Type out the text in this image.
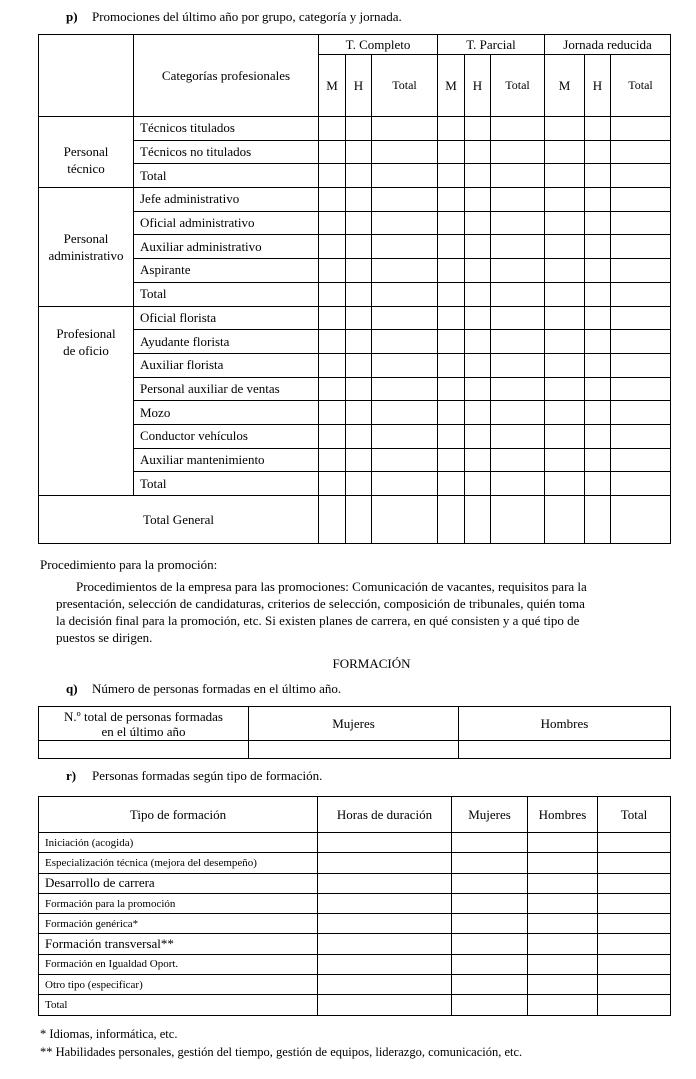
p) Promociones del último año por grupo, categoría y jornada.
	Categorías profesionales	T. Completo			T. Parcial			Jornada reducida		
		M	H	Total	M	H	Total	M	H	Total

Personal
técnico	Técnicos titulados									
	Técnicos no titulados									
	Total									

Personal
administrativo	Jefe administrativo									
	Oficial administrativo									
	Auxiliar administrativo									
	Aspirante									
	Total									

Profesional
de oficio	Oficial florista									
	Ayudante florista									
	Auxiliar florista									
	Personal auxiliar de ventas									
	Mozo									
	Conductor vehículos									
	Auxiliar mantenimiento									
	Total									
Total General										
Procedimiento para la promoción:
Procedimientos de la empresa para las promociones: Comunicación de vacantes, requisitos para la
presentación, selección de candidaturas, criterios de selección, composición de tribunales, quién toma
la decisión final para la promoción, etc. Si existen planes de carrera, en qué consisten y a qué tipo de
puestos se dirigen.
FORMACIÓN
q) Número de personas formadas en el último año.
N.º total de personas formadas
en el último año	Mujeres	Hombres

r) Personas formadas según tipo de formación.
Tipo de formación	Horas de duración	Mujeres	Hombres	Total
Iniciación (acogida)				
Especialización técnica (mejora del desempeño)				
Desarrollo de carrera				
Formación para la promoción				
Formación genérica*				
Formación transversal**				
Formación en Igualdad Oport.				
Otro tipo (especificar)				
Total				
* Idiomas, informática, etc.
** Habilidades personales, gestión del tiempo, gestión de equipos, liderazgo, comunicación, etc.
